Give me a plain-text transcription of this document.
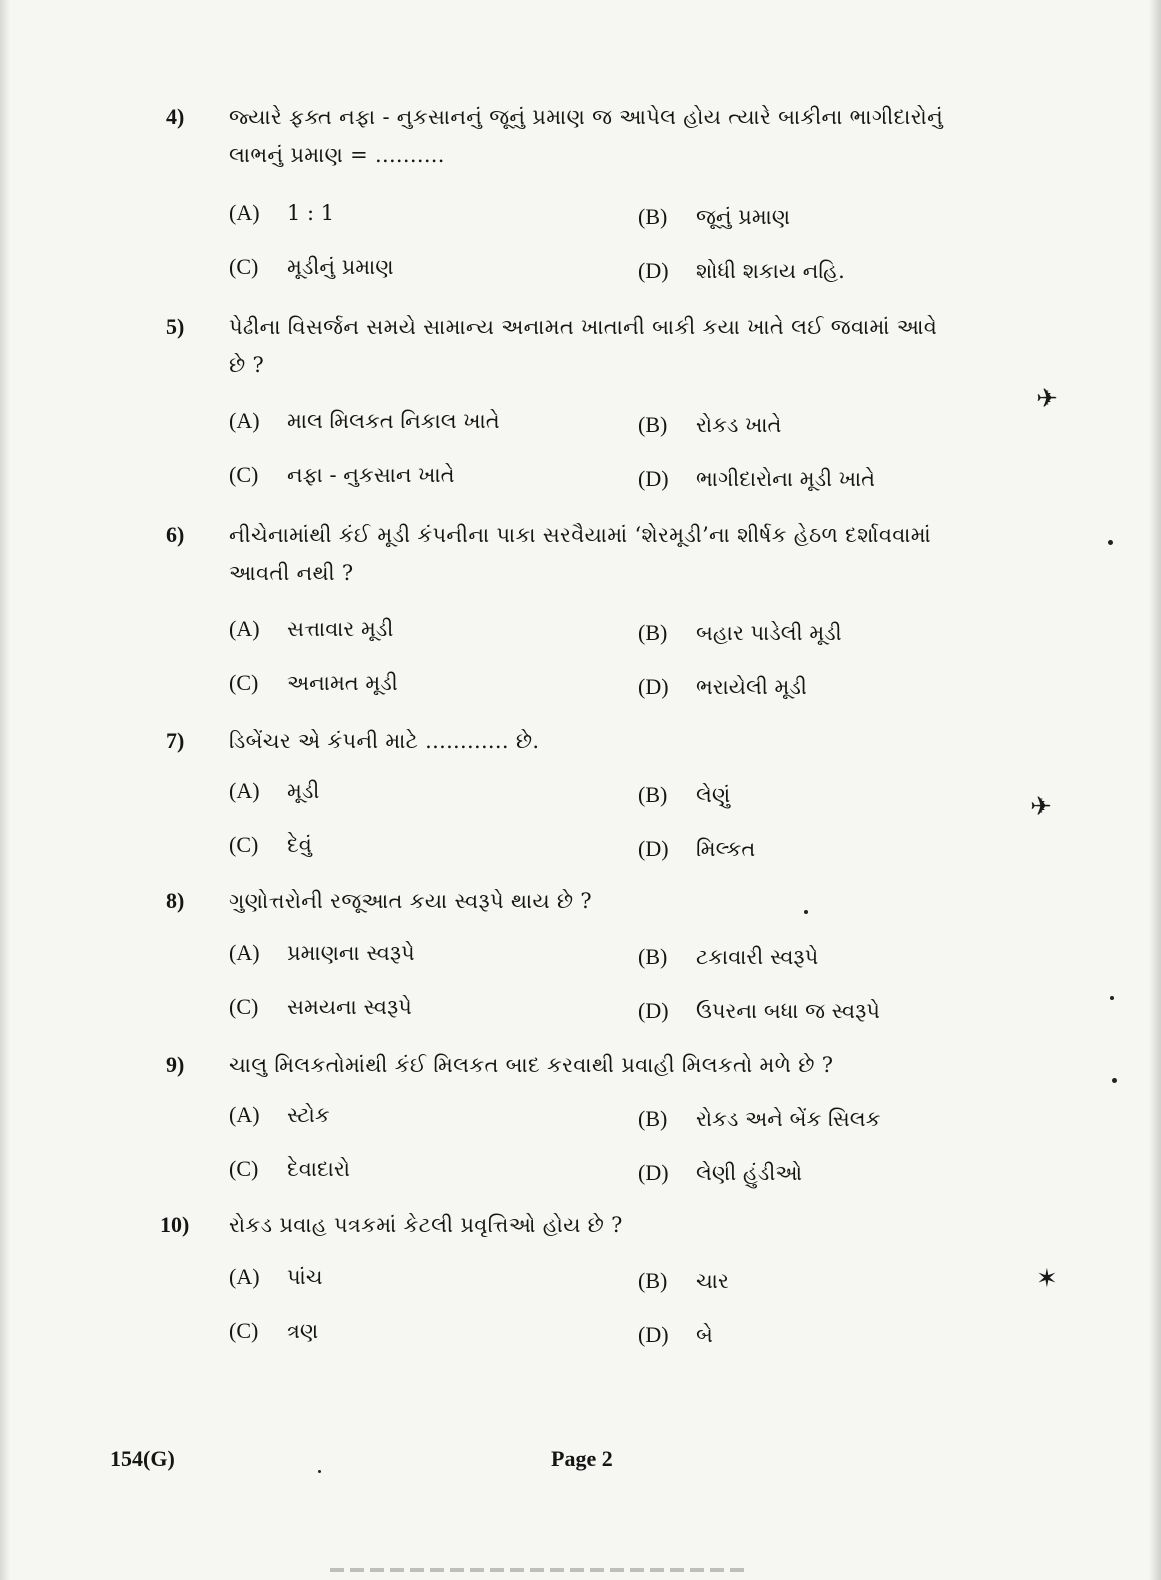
4)	જ્યારે ફક્ત નફા - નુકસાનનું જૂનું પ્રમાણ જ આપેલ હોય ત્યારે બાકીના ભાગીદારોનું લાભનું પ્રમાણ = ..........
(A) 1 : 1	(B) જૂનું પ્રમાણ
(C) મૂડીનું પ્રમાણ	(D) શોધી શકાય નહિ.
5)	પેઢીના વિસર્જન સમયે સામાન્ય અનામત ખાતાની બાકી કયા ખાતે લઈ જવામાં આવે છે ?
(A) માલ મિલકત નિકાલ ખાતે	(B) રોકડ ખાતે
(C) નફા - નુકસાન ખાતે	(D) ભાગીદારોના મૂડી ખાતે
6)	નીચેનામાંથી કંઈ મૂડી કંપનીના પાકા સરવૈયામાં ‘શેરમૂડી’ના શીર્ષક હેઠળ દર્શાવવામાં આવતી નથી ?
(A) સત્તાવાર મૂડી	(B) બહાર પાડેલી મૂડી
(C) અનામત મૂડી	(D) ભરાયેલી મૂડી
7)	ડિબેંચર એ કંપની માટે ............ છે.
(A) મૂડી	(B) લેણું
(C) દેવું	(D) મિલ્કત
8)	ગુણોત્તરોની રજૂઆત કયા સ્વરૂપે થાય છે ?
(A) પ્રમાણના સ્વરૂપે	(B) ટકાવારી સ્વરૂપે
(C) સમયના સ્વરૂપે	(D) ઉપરના બધા જ સ્વરૂપે
9)	ચાલુ મિલકતોમાંથી કંઈ મિલકત બાદ કરવાથી પ્રવાહી મિલકતો મળે છે ?
(A) સ્ટોક	(B) રોકડ અને બેંક સિલક
(C) દેવાદારો	(D) લેણી હુંડીઓ
10)	રોકડ પ્રવાહ પત્રકમાં કેટલી પ્રવૃત્તિઓ હોય છે ?
(A) પાંચ	(B) ચાર
(C) ત્રણ	(D) બે
154(G)	Page 2
✈
✈
✶
